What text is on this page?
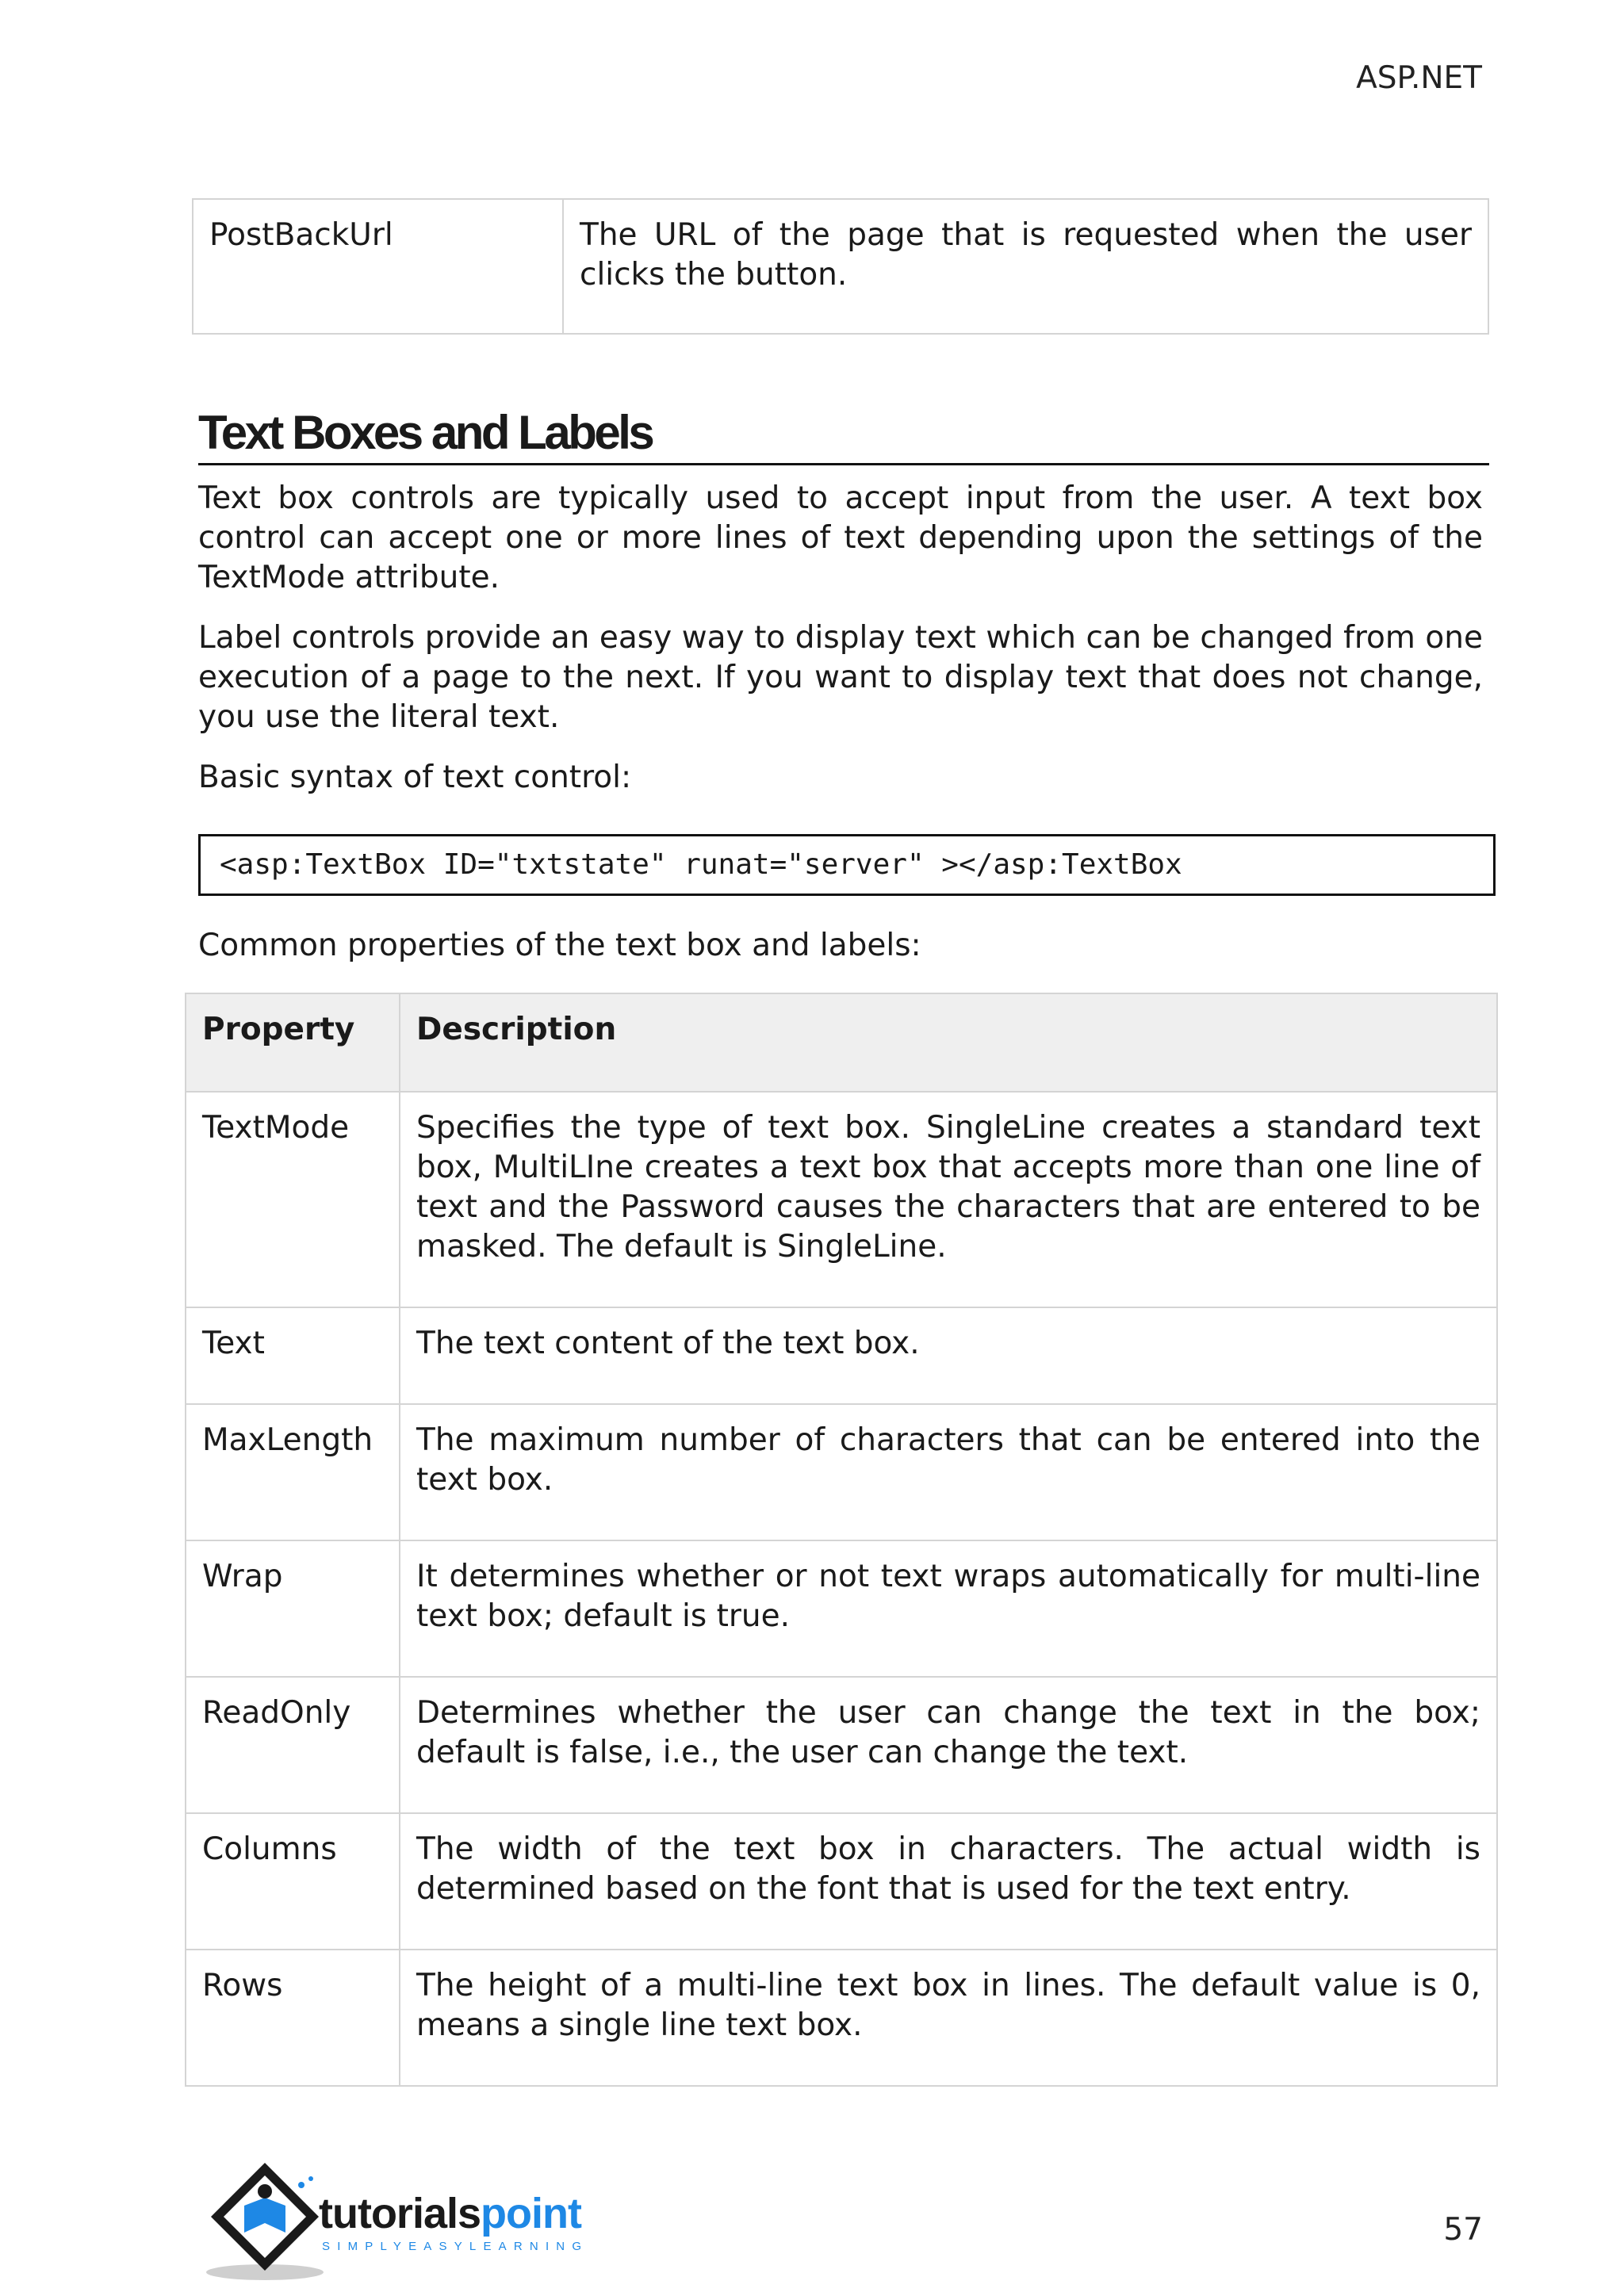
ASP.NET
PostBackUrl	The URL of the page that is requested when the user clicks the button.
Text Boxes and Labels

Text box controls are typically used to accept input from the user. A text box control can accept one or more lines of text depending upon the settings of the TextMode attribute.

Label controls provide an easy way to display text which can be changed from one execution of a page to the next. If you want to display text that does not change, you use the literal text.

Basic syntax of text control:

<asp:TextBox ID="txtstate" runat="server" ></asp:TextBox

Common properties of the text box and labels:

Property	Description
TextMode	Specifies the type of text box. SingleLine creates a standard text box, MultiLIne creates a text box that accepts more than one line of text and the Password causes the characters that are entered to be masked. The default is SingleLine.
Text	The text content of the text box.
MaxLength	The maximum number of characters that can be entered into the text box.
Wrap	It determines whether or not text wraps automatically for multi-line text box; default is true.
ReadOnly	Determines whether the user can change the text in the box; default is false, i.e., the user can change the text.
Columns	The width of the text box in characters. The actual width is determined based on the font that is used for the text entry.
Rows	The height of a multi-line text box in lines. The default value is 0, means a single line text box.
tutorialspoint
SIMPLYEASYLEARNING	57
